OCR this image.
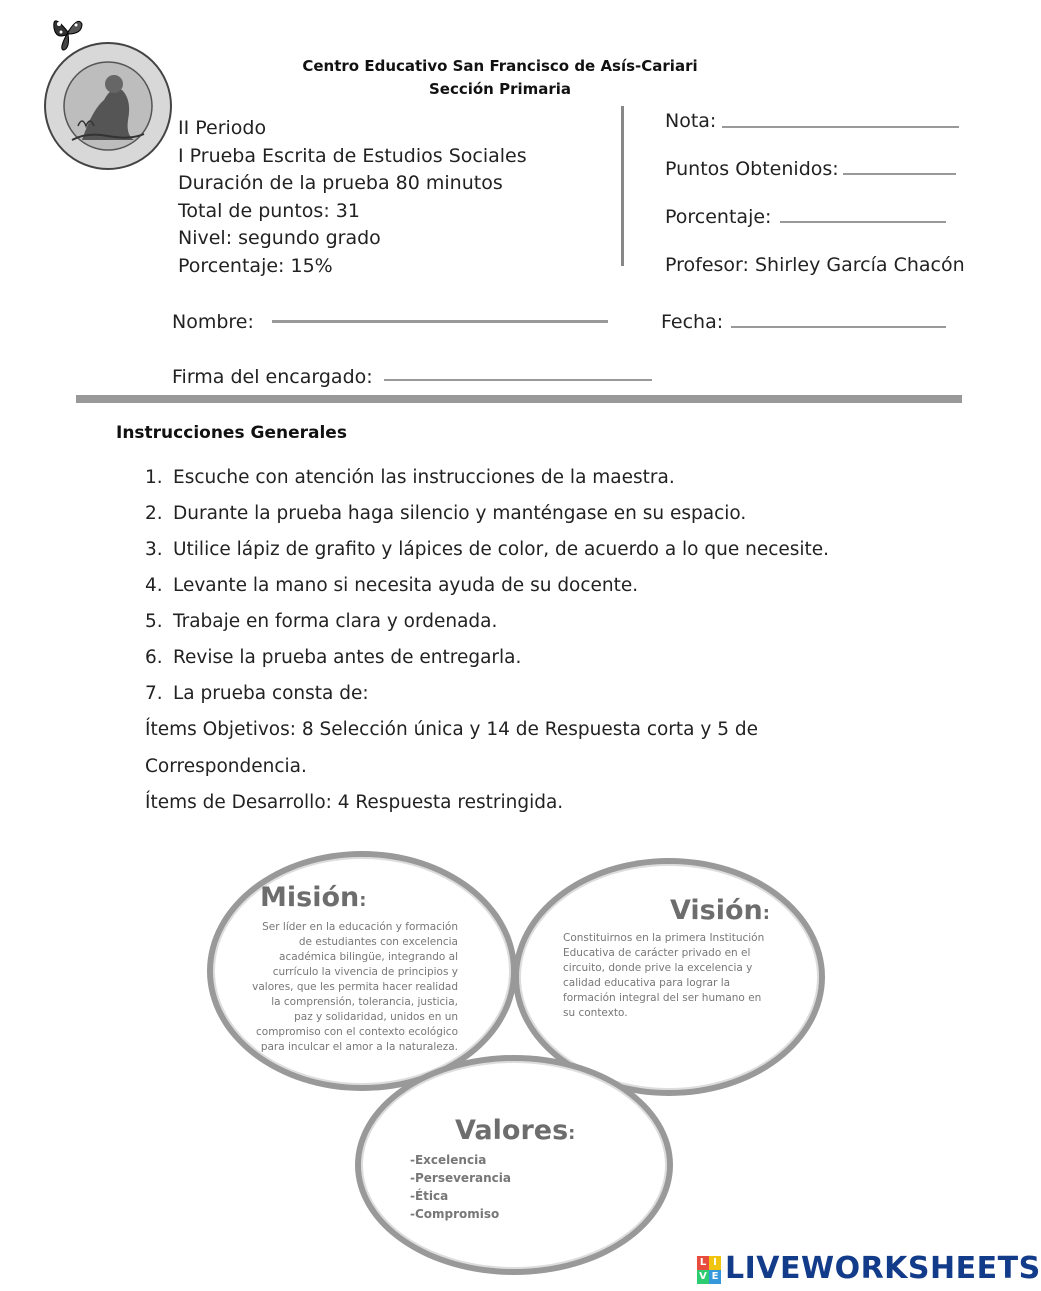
Centro Educativo San Francisco de Asís-Cariari
Sección Primaria
II Periodo
I Prueba Escrita de Estudios Sociales
Duración de la prueba 80 minutos
Total de puntos: 31
Nivel: segundo grado
Porcentaje: 15%
Nota:
Puntos Obtenidos:
Porcentaje:
Profesor: Shirley García Chacón
Nombre:	Fecha:
Firma del encargado:
Instrucciones Generales
1. Escuche con atención las instrucciones de la maestra.
2. Durante la prueba haga silencio y manténgase en su espacio.
3. Utilice lápiz de grafito y lápices de color, de acuerdo a lo que necesite.
4. Levante la mano si necesita ayuda de su docente.
5. Trabaje en forma clara y ordenada.
6. Revise la prueba antes de entregarla.
7. La prueba consta de:
Ítems Objetivos: 8 Selección única y 14 de Respuesta corta y 5 de
Correspondencia.
Ítems de Desarrollo: 4 Respuesta restringida.
Misión:
Ser líder en la educación y formación
de estudiantes con excelencia
académica bilingüe, integrando al
currículo la vivencia de principios y
valores, que les permita hacer realidad
la comprensión, tolerancia, justicia,
paz y solidaridad, unidos en un
compromiso con el contexto ecológico
para inculcar el amor a la naturaleza.
Visión:
Constituirnos en la primera Institución
Educativa de carácter privado en el
circuito, donde prive la excelencia y
calidad educativa para lograr la
formación integral del ser humano en
su contexto.
Valores:
-Excelencia
-Perseverancia
-Ética
-Compromiso
L I
V E LIVEWORKSHEETS
